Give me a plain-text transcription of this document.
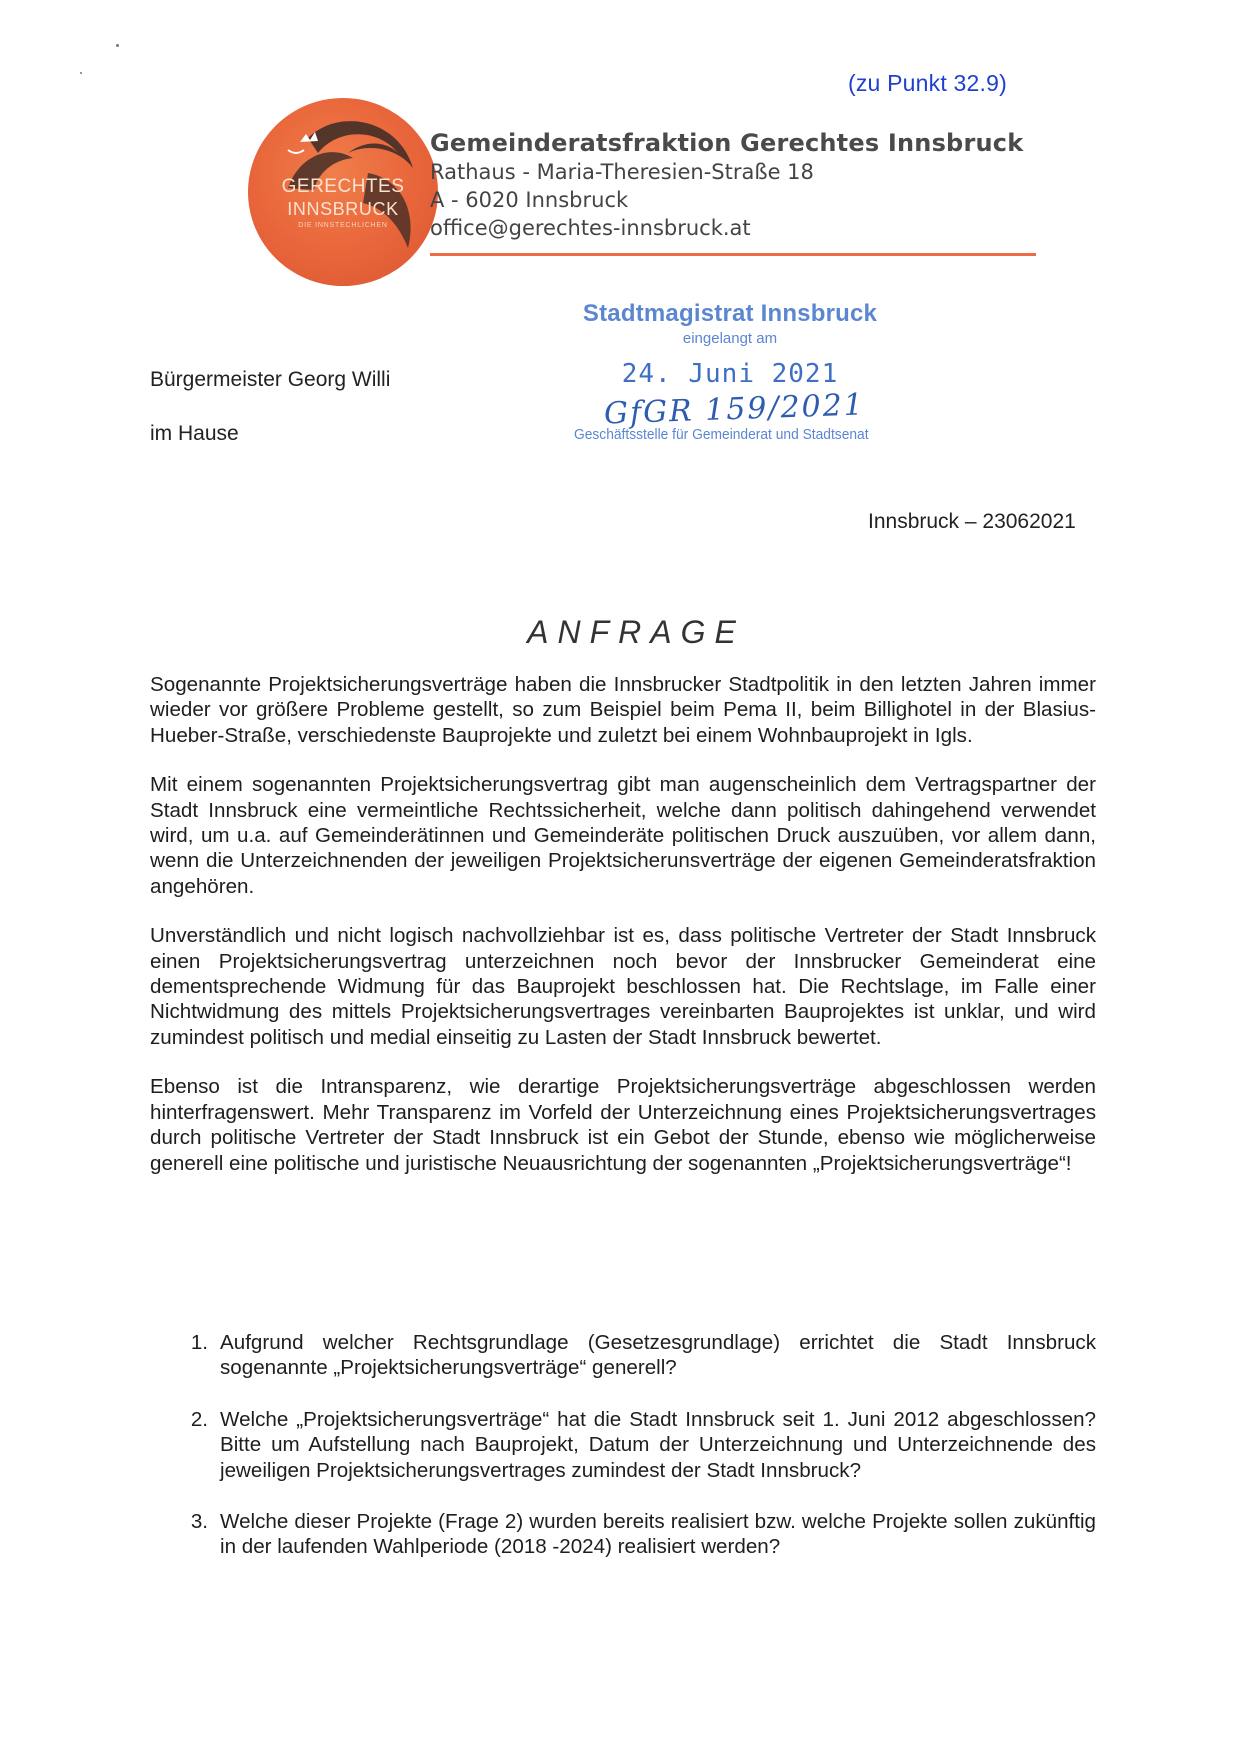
(zu Punkt 32.9)
GERECHTES
INNSBRUCK
DIE INNSTECHLICHEN

Gemeinderatsfraktion Gerechtes Innsbruck

Rathaus - Maria-Theresien-Straße 18

A - 6020 Innsbruck

office@gerechtes-innsbruck.at

Bürgermeister Georg Willi
im Hause
Stadtmagistrat Innsbruck
eingelangt am
24. Juni 2021
GfGR 159/2021
Geschäftsstelle für Gemeinderat und Stadtsenat
Innsbruck – 23062021
ANFRAGE

Sogenannte Projektsicherungsverträge haben die Innsbrucker Stadtpolitik in den letzten Jahren immer wieder vor größere Probleme gestellt, so zum Beispiel beim Pema II, beim Billighotel in der Blasius-Hueber-Straße, verschiedenste Bauprojekte und zuletzt bei einem Wohnbauprojekt in Igls.

Mit einem sogenannten Projektsicherungsvertrag gibt man augenscheinlich dem Vertragspartner der Stadt Innsbruck eine vermeintliche Rechtssicherheit, welche dann politisch dahingehend verwendet wird, um u.a. auf Gemeinderätinnen und Gemeinderäte politischen Druck auszuüben, vor allem dann, wenn die Unterzeichnenden der jeweiligen Projektsicherunsverträge der eigenen Gemeinderatsfraktion angehören.

Unverständlich und nicht logisch nachvollziehbar ist es, dass politische Vertreter der Stadt Innsbruck einen Projektsicherungsvertrag unterzeichnen noch bevor der Innsbrucker Gemeinderat eine dementsprechende Widmung für das Bauprojekt beschlossen hat. Die Rechtslage, im Falle einer Nichtwidmung des mittels Projektsicherungsvertrages vereinbarten Bauprojektes ist unklar, und wird zumindest politisch und medial einseitig zu Lasten der Stadt Innsbruck bewertet.

Ebenso ist die Intransparenz, wie derartige Projektsicherungsverträge abgeschlossen werden hinterfragenswert. Mehr Transparenz im Vorfeld der Unterzeichnung eines Projektsicherungsvertrages durch politische Vertreter der Stadt Innsbruck ist ein Gebot der Stunde, ebenso wie möglicherweise generell eine politische und juristische Neuausrichtung der sogenannten „Projektsicherungsverträge“!

1. Aufgrund welcher Rechtsgrundlage (Gesetzesgrundlage) errichtet die Stadt Innsbruck sogenannte „Projektsicherungsverträge“ generell?
2. Welche „Projektsicherungsverträge“ hat die Stadt Innsbruck seit 1. Juni 2012 abgeschlossen? Bitte um Aufstellung nach Bauprojekt, Datum der Unterzeichnung und Unterzeichnende des jeweiligen Projektsicherungsvertrages zumindest der Stadt Innsbruck?
3. Welche dieser Projekte (Frage 2) wurden bereits realisiert bzw. welche Projekte sollen zukünftig in der laufenden Wahlperiode (2018 -2024) realisiert werden?
